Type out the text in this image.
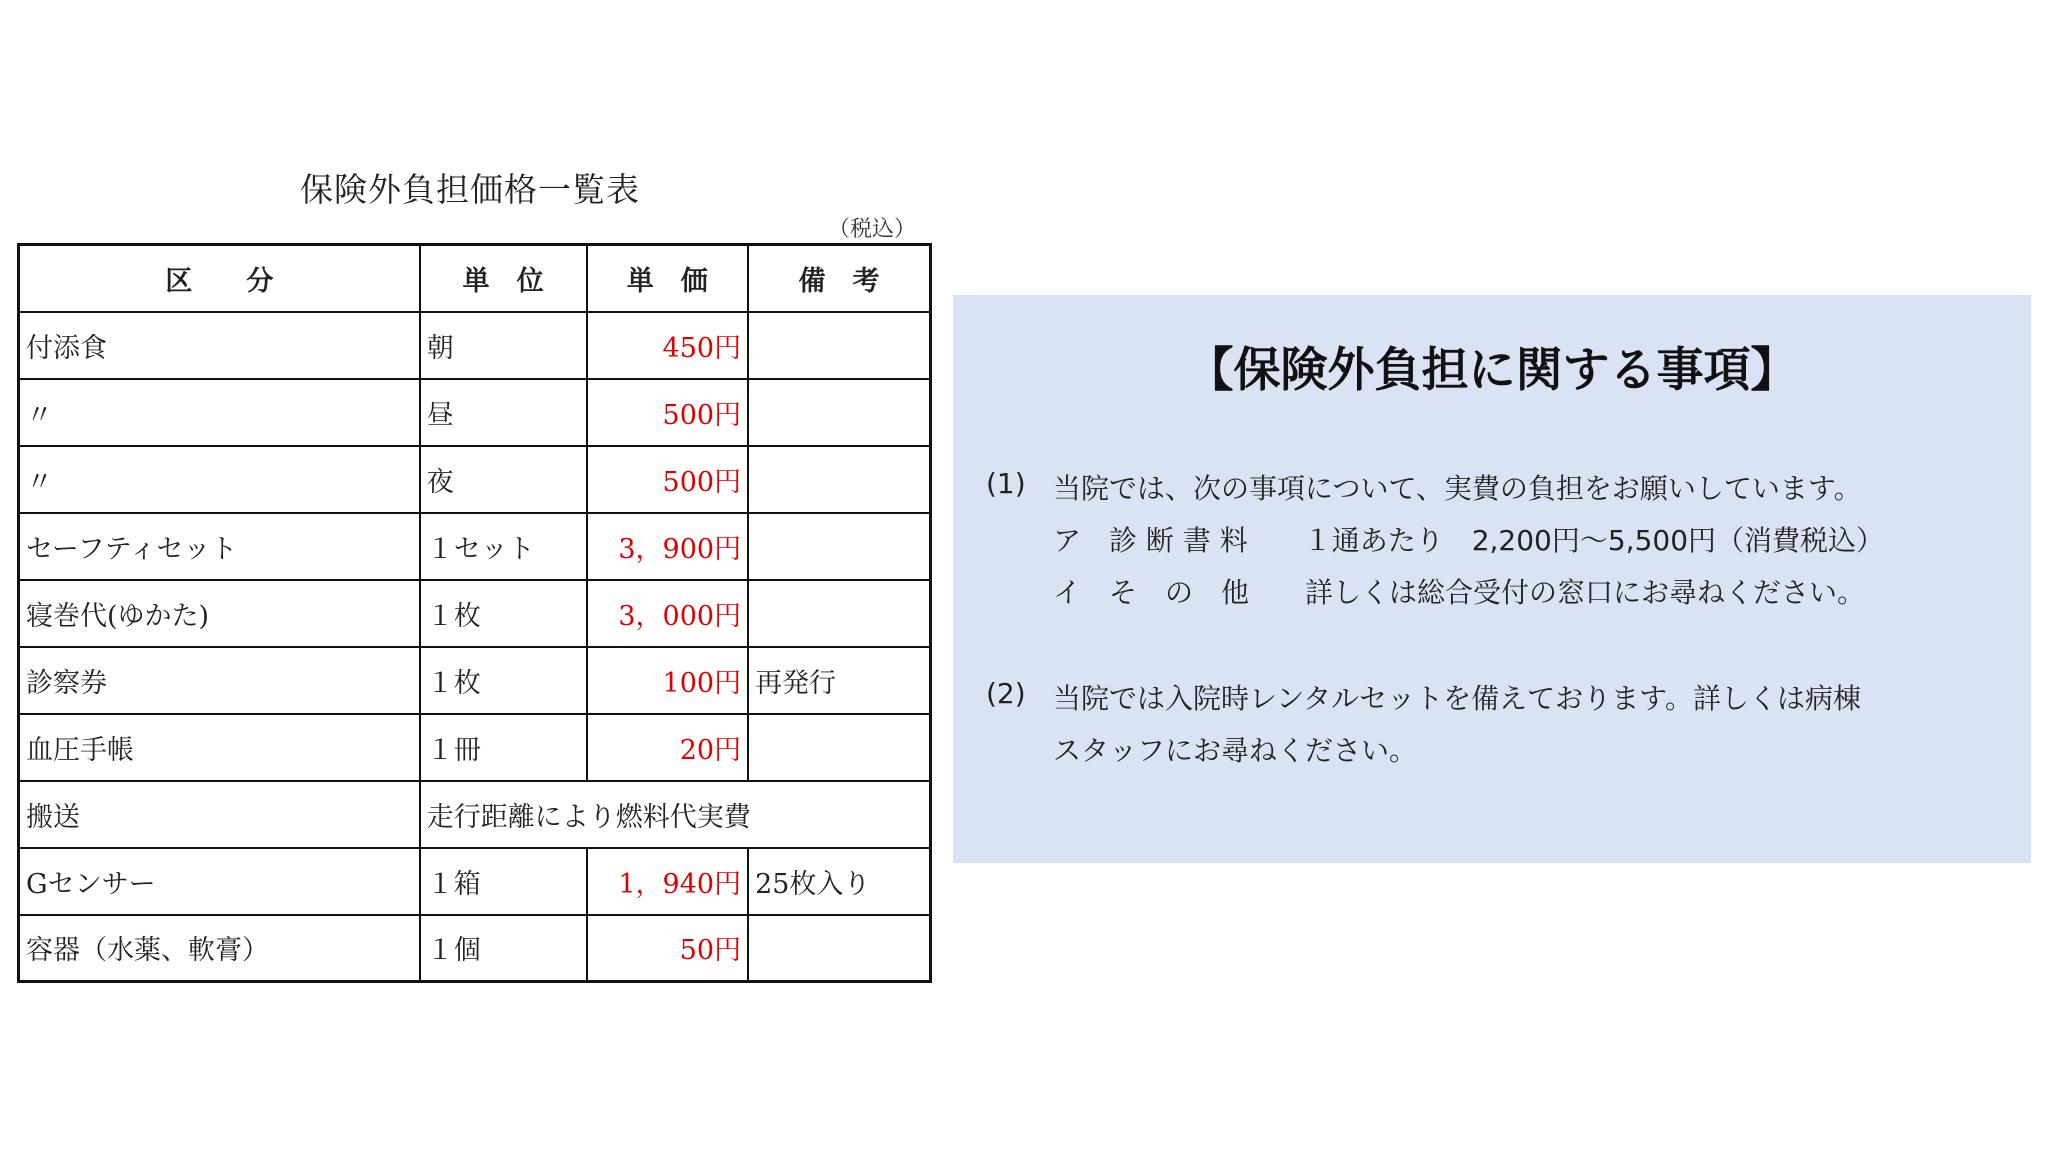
保険外負担価格一覧表
（税込）
区　　分	単　位	単　価	備　考
付添食	朝	450円	
〃	昼	500円	
〃	夜	500円	
セーフティセット	１セット	3，900円	
寝巻代(ゆかた)	１枚	3，000円	
診察券	１枚	100円	再発行
血圧手帳	１冊	20円	
搬送	走行距離により燃料代実費		
Gセンサー	１箱	1，940円	25枚入り
容器（水薬、軟膏）	１個	50円	
【保険外負担に関する事項】
(1) 当院では、次の事項について、実費の負担をお願いしています。
ア　診 断 書 料　　１通あたり　2,200円～5,500円（消費税込）
イ　そ　の　他　　詳しくは総合受付の窓口にお尋ねください。
(2) 当院では入院時レンタルセットを備えております。詳しくは病棟
スタッフにお尋ねください。
